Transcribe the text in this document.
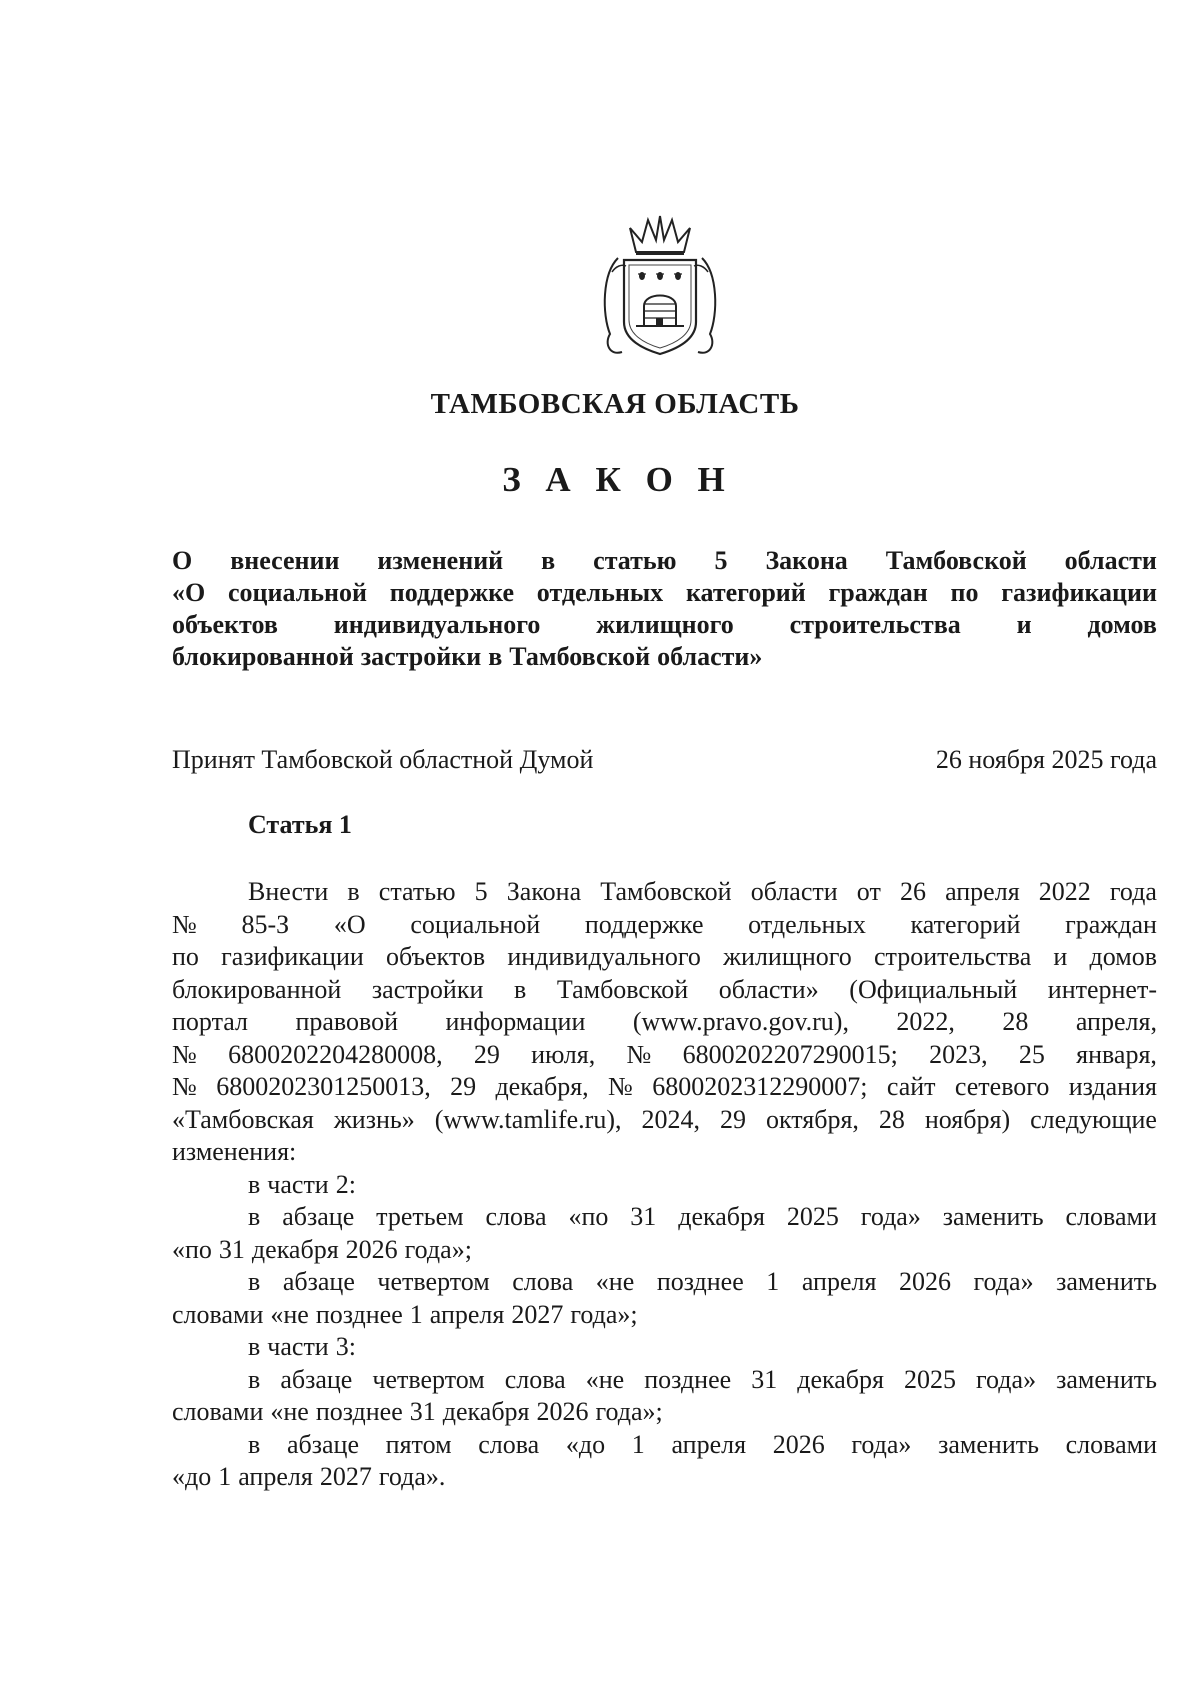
ТАМБОВСКАЯ ОБЛАСТЬ
З А К О Н
О внесении изменений в статью 5 Закона Тамбовской области
«О социальной поддержке отдельных категорий граждан по газификации
объектов индивидуального жилищного строительства и домов
блокированной застройки в Тамбовской области»
Принят Тамбовской областной Думой	26 ноября 2025 года
Статья 1
Внести в статью 5 Закона Тамбовской области от 26 апреля 2022 года
№ 85-З «О социальной поддержке отдельных категорий граждан
по газификации объектов индивидуального жилищного строительства и домов
блокированной застройки в Тамбовской области» (Официальный интернет-
портал правовой информации (www.pravo.gov.ru), 2022, 28 апреля,
№ 6800202204280008, 29 июля, № 6800202207290015; 2023, 25 января,
№ 6800202301250013, 29 декабря, № 6800202312290007; сайт сетевого издания
«Тамбовская жизнь» (www.tamlife.ru), 2024, 29 октября, 28 ноября) следующие
изменения:
в части 2:
в абзаце третьем слова «по 31 декабря 2025 года» заменить словами
«по 31 декабря 2026 года»;
в абзаце четвертом слова «не позднее 1 апреля 2026 года» заменить
словами «не позднее 1 апреля 2027 года»;
в части 3:
в абзаце четвертом слова «не позднее 31 декабря 2025 года» заменить
словами «не позднее 31 декабря 2026 года»;
в абзаце пятом слова «до 1 апреля 2026 года» заменить словами
«до 1 апреля 2027 года».
